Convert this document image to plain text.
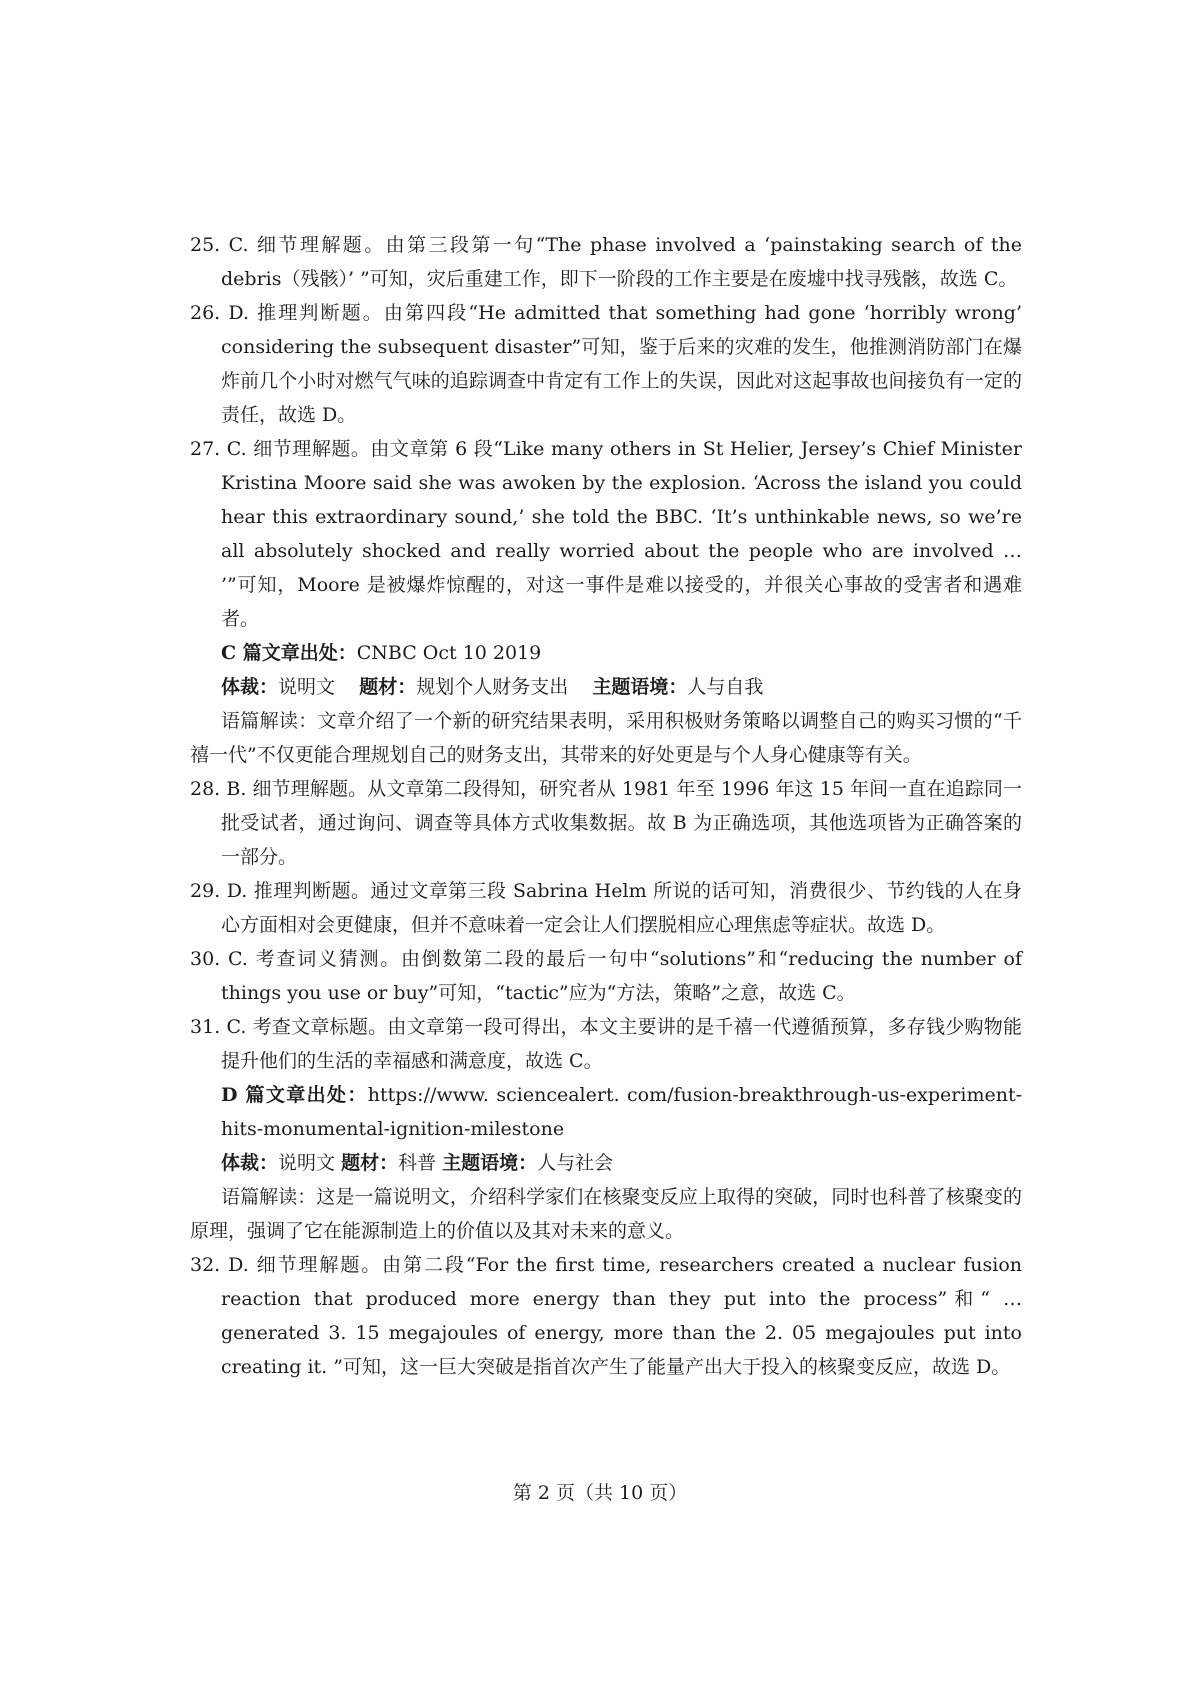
25. C. 细节理解题。由第三段第一句“The phase involved a ‘painstaking search of the debris（残骸）’ ”可知，灾后重建工作，即下一阶段的工作主要是在废墟中找寻残骸，故选 C。

26. D. 推理判断题。由第四段“He admitted that something had gone ‘horribly wrong’ considering the subsequent disaster”可知，鉴于后来的灾难的发生，他推测消防部门在爆炸前几个小时对燃气气味的追踪调查中肯定有工作上的失误，因此对这起事故也间接负有一定的责任，故选 D。

27. C. 细节理解题。由文章第 6 段“Like many others in St Helier, Jersey’s Chief Minister Kristina Moore said she was awoken by the explosion. ‘Across the island you could hear this extraordinary sound,’ she told the BBC. ‘It’s unthinkable news, so we’re all absolutely shocked and really worried about the people who are involved … ’”可知，Moore 是被爆炸惊醒的，对这一事件是难以接受的，并很关心事故的受害者和遇难者。

C 篇文章出处：CNBC Oct 10 2019

体裁：说明文 题材：规划个人财务支出 主题语境：人与自我

语篇解读：文章介绍了一个新的研究结果表明，采用积极财务策略以调整自己的购买习惯的“千禧一代”不仅更能合理规划自己的财务支出，其带来的好处更是与个人身心健康等有关。

28. B. 细节理解题。从文章第二段得知，研究者从 1981 年至 1996 年这 15 年间一直在追踪同一批受试者，通过询问、调查等具体方式收集数据。故 B 为正确选项，其他选项皆为正确答案的一部分。

29. D. 推理判断题。通过文章第三段 Sabrina Helm 所说的话可知，消费很少、节约钱的人在身心方面相对会更健康，但并不意味着一定会让人们摆脱相应心理焦虑等症状。故选 D。

30. C. 考查词义猜测。由倒数第二段的最后一句中“solutions”和“reducing the number of things you use or buy”可知，“tactic”应为“方法，策略”之意，故选 C。

31. C. 考查文章标题。由文章第一段可得出，本文主要讲的是千禧一代遵循预算，多存钱少购物能提升他们的生活的幸福感和满意度，故选 C。

D 篇文章出处：https://www. sciencealert. com/fusion-breakthrough-us-experiment-hits-monumental-ignition-milestone

体裁：说明文 题材：科普 主题语境：人与社会

语篇解读：这是一篇说明文，介绍科学家们在核聚变反应上取得的突破，同时也科普了核聚变的原理，强调了它在能源制造上的价值以及其对未来的意义。

32. D. 细节理解题。由第二段“For the first time, researchers created a nuclear fusion reaction that produced more energy than they put into the process”和“ … generated 3. 15 megajoules of energy, more than the 2. 05 megajoules put into creating it. ”可知，这一巨大突破是指首次产生了能量产出大于投入的核聚变反应，故选 D。

第 2 页（共 10 页）
